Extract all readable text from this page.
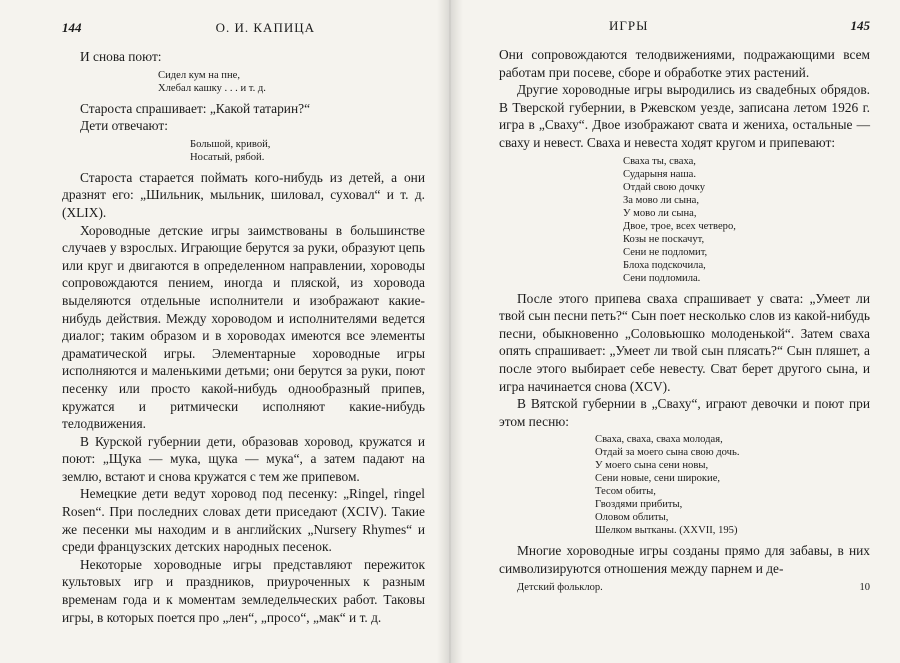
144	О. И. КАПИЦА

И снова поют:

Сидел кум на пне,
Хлебал кашку . . . и т. д.

Староста спрашивает: „Какой татарин?“

Дети отвечают:

Большой, кривой,
Носатый, рябой.

Староста старается поймать кого-нибудь из детей, а они дразнят его: „Шильник, мыльник, шиловал, суховал“ и т. д. (XLIX).

Хороводные детские игры заимствованы в большинстве случаев у взрослых. Играющие берутся за руки, образуют цепь или круг и двигаются в определенном направлении, хороводы сопровождаются пением, иногда и пляской, из хоровода выделяются отдельные исполнители и изображают какие-нибудь действия. Между хороводом и исполнителями ведется диалог; таким образом и в хороводах имеются все элементы драматической игры. Элементарные хороводные игры исполняются и маленькими детьми; они берутся за руки, поют песенку или просто какой-нибудь однообразный припев, кружатся и ритмически исполняют какие-нибудь телодвижения.

В Курской губернии дети, образовав хоровод, кружатся и поют: „Щука — мука, щука — мука“, а затем падают на землю, встают и снова кружатся с тем же припевом.

Немецкие дети ведут хоровод под песенку: „Ringel, ringel Rosen“. При последних словах дети приседают (XCIV). Такие же песенки мы находим и в английских „Nursery Rhymes“ и среди французских детских народных песенок.

Некоторые хороводные игры представляют пережиток культовых игр и праздников, приуроченных к разным временам года и к моментам земледельческих работ. Таковы игры, в которых поется про „лен“, „просо“, „мак“ и т. д.

ИГРЫ	145

Они сопровождаются телодвижениями, подражающими всем работам при посеве, сборе и обработке этих растений.

Другие хороводные игры выродились из свадебных обрядов. В Тверской губернии, в Ржевском уезде, записана летом 1926 г. игра в „Сваху“. Двое изображают свата и жениха, остальные — сваху и невест. Сваха и невеста ходят кругом и припевают:

Сваха ты, сваха,
Сударыня наша.
Отдай свою дочку
За мово ли сына,
У мово ли сына,
Двое, трое, всех четверо,
Козы не поскачут,
Сени не подломит,
Блоха подскочила,
Сени подломила.

После этого припева сваха спрашивает у свата: „Умеет ли твой сын песни петь?“ Сын поет несколько слов из какой-нибудь песни, обыкновенно „Соловьюшко молоденькой“. Затем сваха опять спрашивает: „Умеет ли твой сын плясать?“ Сын пляшет, а после этого выбирает себе невесту. Сват берет другого сына, и игра начинается снова (XCV).

В Вятской губернии в „Сваху“, играют девочки и поют при этом песню:

Сваха, сваха, сваха молодая,
Отдай за моего сына свою дочь.
У моего сына сени новы,
Сени новые, сени широкие,
Тесом обиты,
Гвоздями прибиты,
Оловом облиты,
Шелком вытканы. (XXVII, 195)

Многие хороводные игры созданы прямо для забавы, в них символизируются отношения между парнем и де-

Детский фольклор.	10
